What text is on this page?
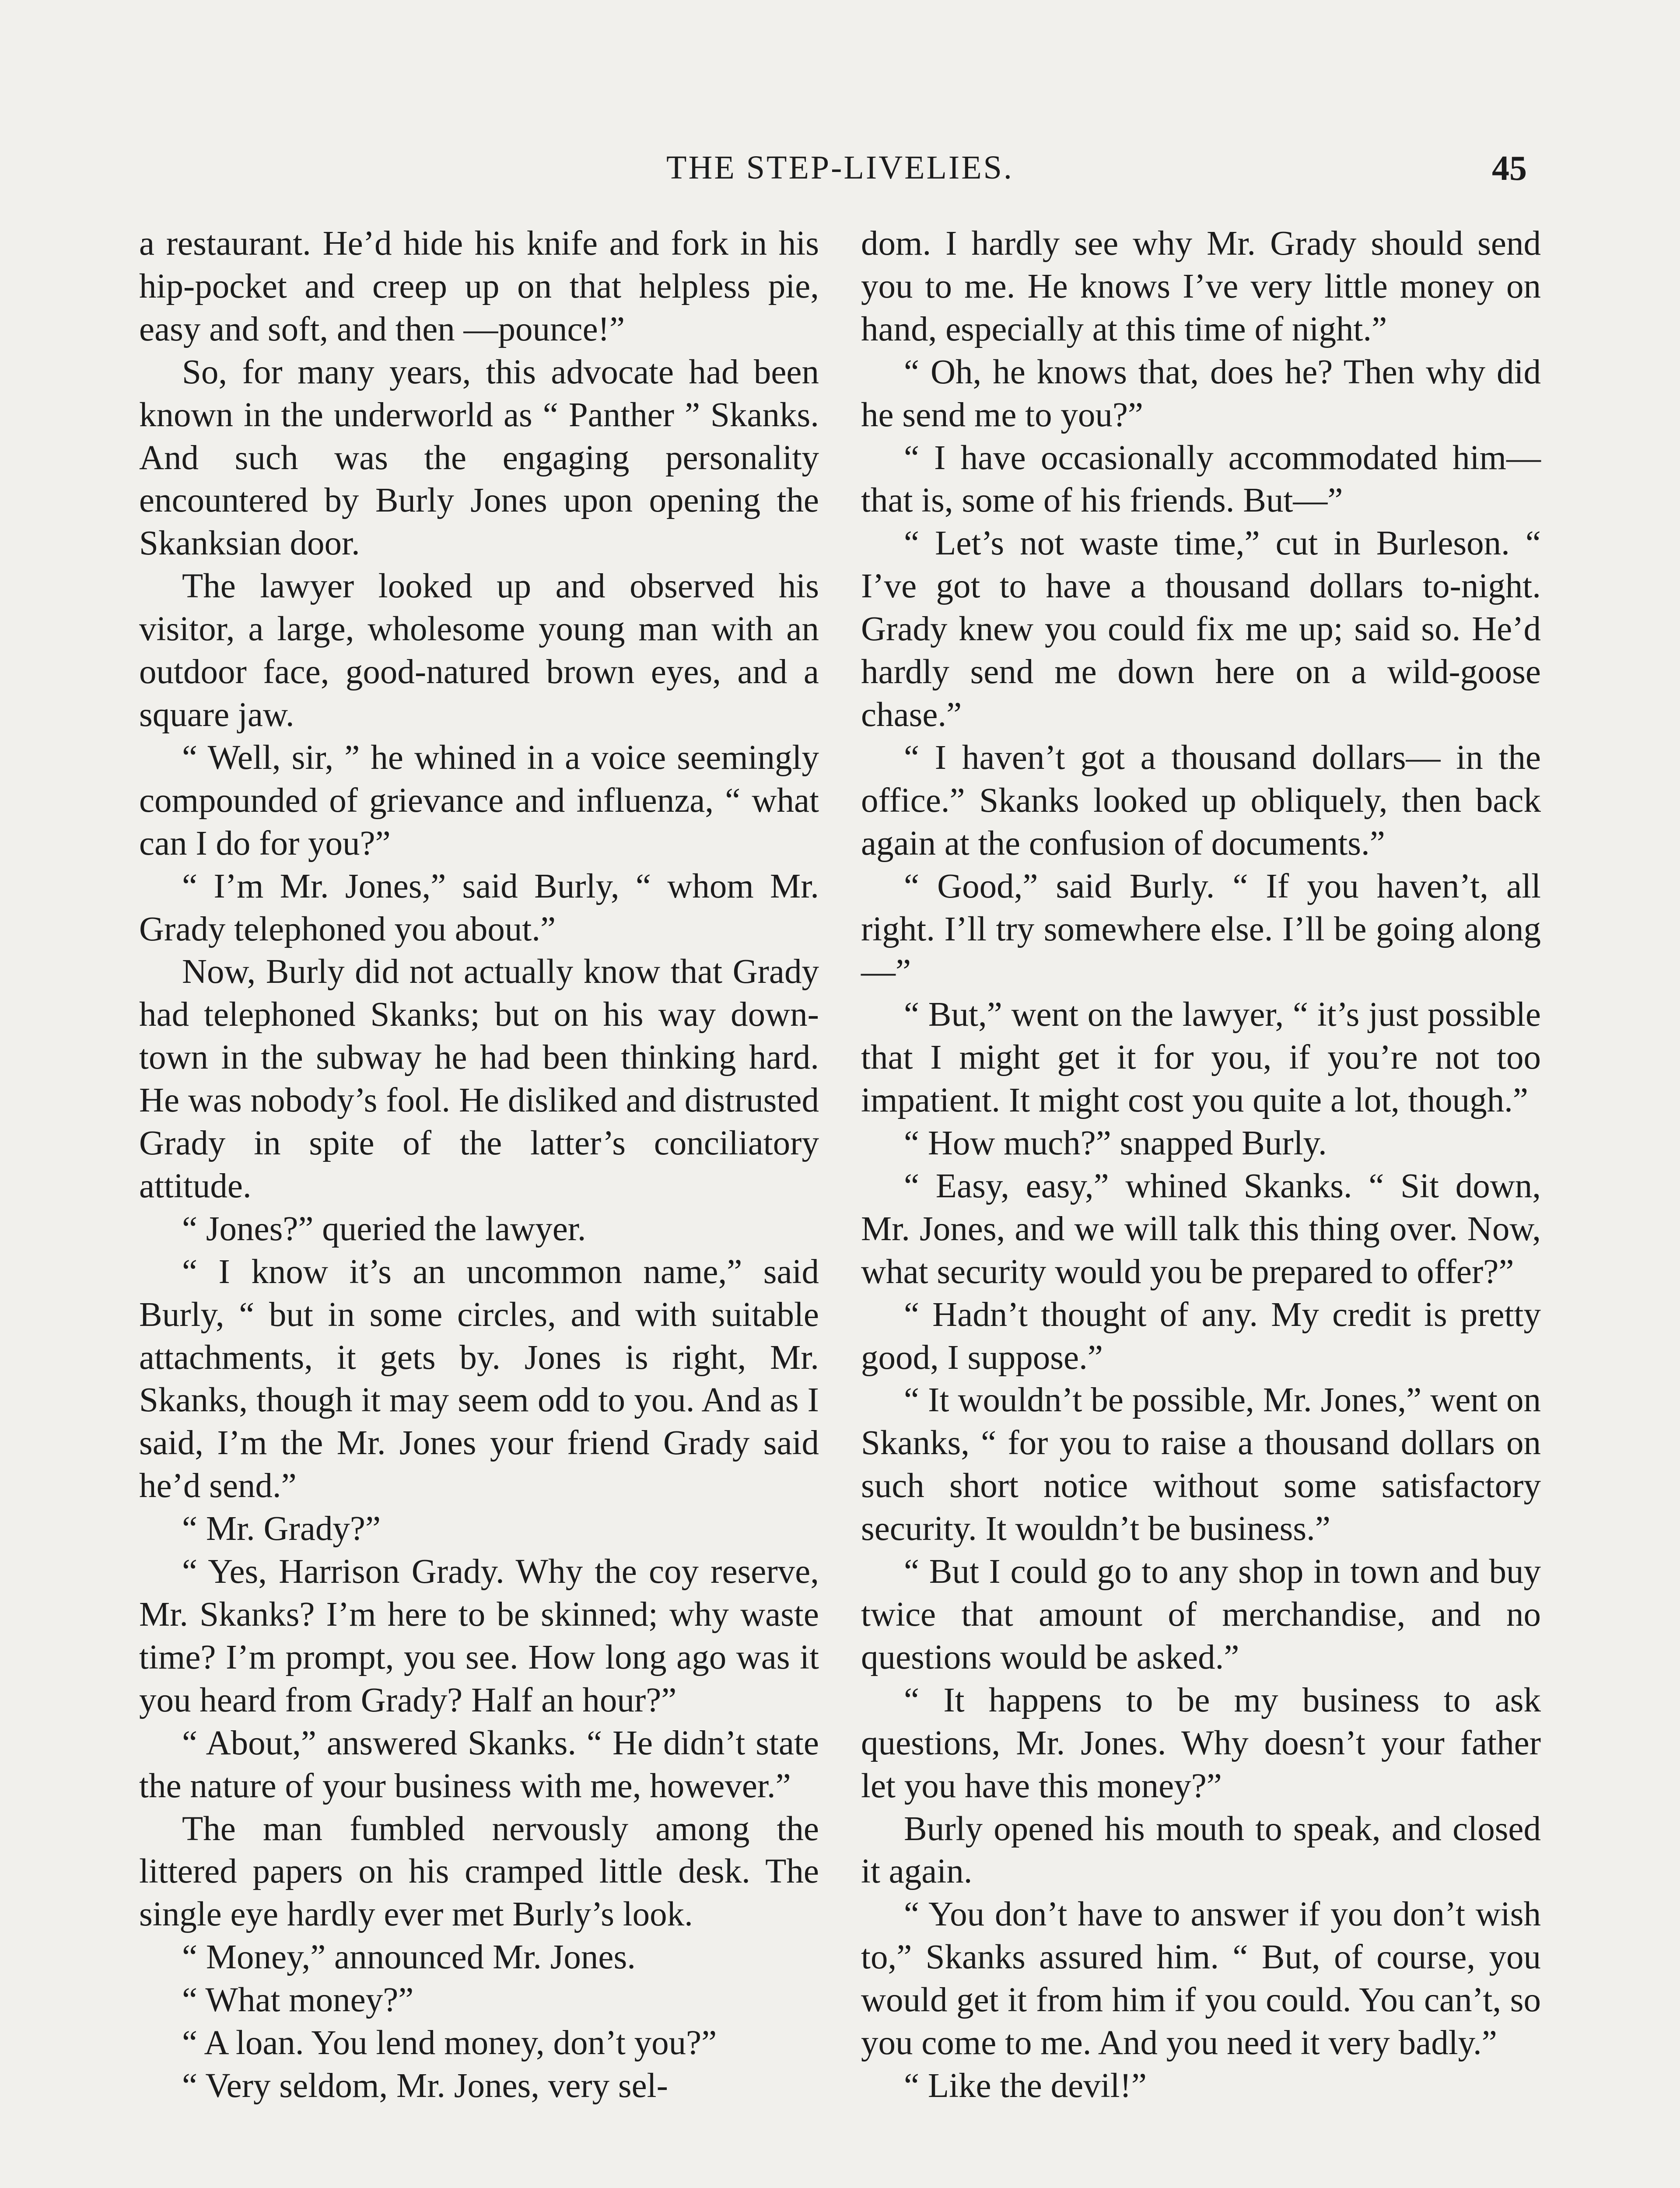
THE STEP-LIVELIES.	45

a restaurant. He’d hide his knife and fork in his hip-pocket and creep up on that helpless pie, easy and soft, and then —pounce!”

So, for many years, this advocate had been known in the underworld as “ Panther ” Skanks. And such was the engaging personality encountered by Burly Jones upon opening the Skanksian door.

The lawyer looked up and observed his visitor, a large, wholesome young man with an outdoor face, good-natured brown eyes, and a square jaw.

“ Well, sir, ” he whined in a voice seemingly compounded of grievance and influenza, “ what can I do for you?”

“ I’m Mr. Jones,” said Burly, “ whom Mr. Grady telephoned you about.”

Now, Burly did not actually know that Grady had telephoned Skanks; but on his way down-town in the subway he had been thinking hard. He was nobody’s fool. He disliked and distrusted Grady in spite of the latter’s conciliatory attitude.

“ Jones?” queried the lawyer.

“ I know it’s an uncommon name,” said Burly, “ but in some circles, and with suitable attachments, it gets by. Jones is right, Mr. Skanks, though it may seem odd to you. And as I said, I’m the Mr. Jones your friend Grady said he’d send.”

“ Mr. Grady?”

“ Yes, Harrison Grady. Why the coy reserve, Mr. Skanks? I’m here to be skinned; why waste time? I’m prompt, you see. How long ago was it you heard from Grady? Half an hour?”

“ About,” answered Skanks. “ He didn’t state the nature of your business with me, however.”

The man fumbled nervously among the littered papers on his cramped little desk. The single eye hardly ever met Burly’s look.

“ Money,” announced Mr. Jones.

“ What money?”

“ A loan. You lend money, don’t you?”

“ Very seldom, Mr. Jones, very sel-

dom. I hardly see why Mr. Grady should send you to me. He knows I’ve very little money on hand, especially at this time of night.”

“ Oh, he knows that, does he? Then why did he send me to you?”

“ I have occasionally accommodated him—that is, some of his friends. But—”

“ Let’s not waste time,” cut in Burleson. “ I’ve got to have a thousand dollars to-night. Grady knew you could fix me up; said so. He’d hardly send me down here on a wild-goose chase.”

“ I haven’t got a thousand dollars— in the office.” Skanks looked up obliquely, then back again at the confusion of documents.”

“ Good,” said Burly. “ If you haven’t, all right. I’ll try somewhere else. I’ll be going along—”

“ But,” went on the lawyer, “ it’s just possible that I might get it for you, if you’re not too impatient. It might cost you quite a lot, though.”

“ How much?” snapped Burly.

“ Easy, easy,” whined Skanks. “ Sit down, Mr. Jones, and we will talk this thing over. Now, what security would you be prepared to offer?”

“ Hadn’t thought of any. My credit is pretty good, I suppose.”

“ It wouldn’t be possible, Mr. Jones,” went on Skanks, “ for you to raise a thousand dollars on such short notice without some satisfactory security. It wouldn’t be business.”

“ But I could go to any shop in town and buy twice that amount of merchandise, and no questions would be asked.”

“ It happens to be my business to ask questions, Mr. Jones. Why doesn’t your father let you have this money?”

Burly opened his mouth to speak, and closed it again.

“ You don’t have to answer if you don’t wish to,” Skanks assured him. “ But, of course, you would get it from him if you could. You can’t, so you come to me. And you need it very badly.”

“ Like the devil!”
